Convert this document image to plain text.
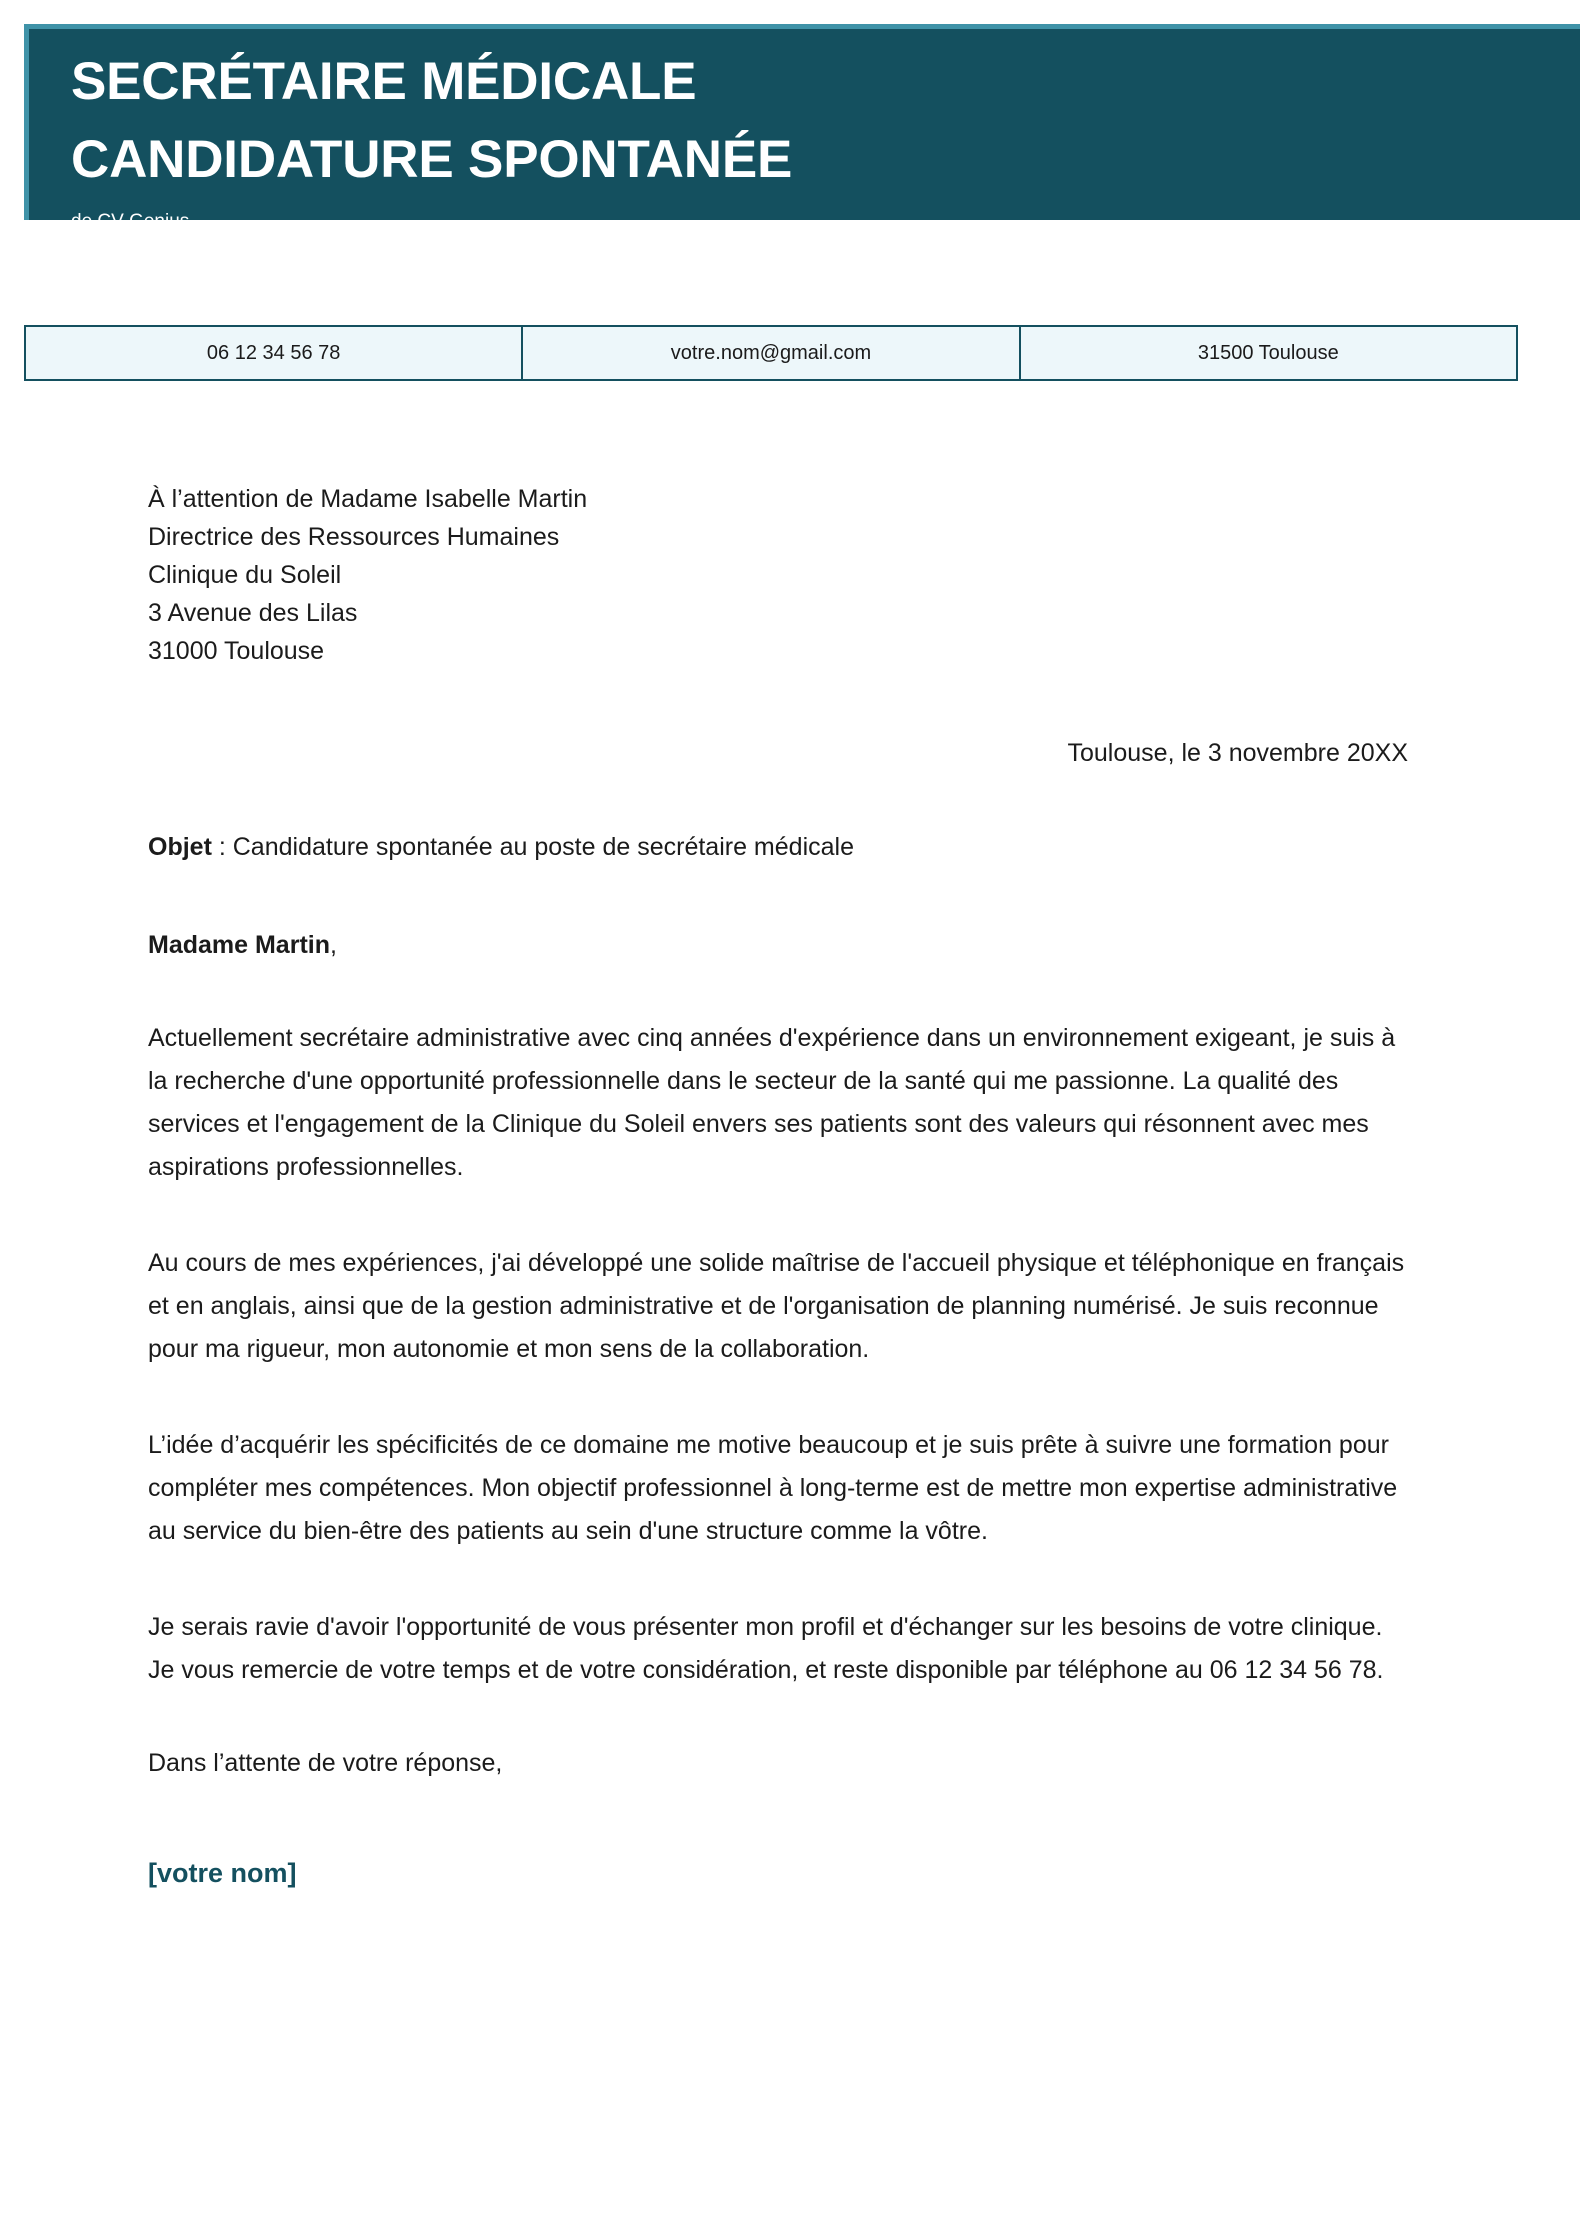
SECRÉTAIRE MÉDICALE
CANDIDATURE SPONTANÉE
de CV Genius
06 12 34 56 78	votre.nom@gmail.com	31500 Toulouse
À l’attention de Madame Isabelle Martin
Directrice des Ressources Humaines
Clinique du Soleil
3 Avenue des Lilas
31000 Toulouse
Toulouse, le 3 novembre 20XX
Objet : Candidature spontanée au poste de secrétaire médicale
Madame Martin,
Actuellement secrétaire administrative avec cinq années d'expérience dans un environnement exigeant, je suis à la recherche d'une opportunité professionnelle dans le secteur de la santé qui me passionne. La qualité des services et l'engagement de la Clinique du Soleil envers ses patients sont des valeurs qui résonnent avec mes aspirations professionnelles.
Au cours de mes expériences, j'ai développé une solide maîtrise de l'accueil physique et téléphonique en français et en anglais, ainsi que de la gestion administrative et de l'organisation de planning numérisé. Je suis reconnue pour ma rigueur, mon autonomie et mon sens de la collaboration.
L’idée d’acquérir les spécificités de ce domaine me motive beaucoup et je suis prête à suivre une formation pour compléter mes compétences. Mon objectif professionnel à long-terme est de mettre mon expertise administrative au service du bien-être des patients au sein d'une structure comme la vôtre.
Je serais ravie d'avoir l'opportunité de vous présenter mon profil et d'échanger sur les besoins de votre clinique. Je vous remercie de votre temps et de votre considération, et reste disponible par téléphone au 06 12 34 56 78.
Dans l’attente de votre réponse,
[votre nom]
